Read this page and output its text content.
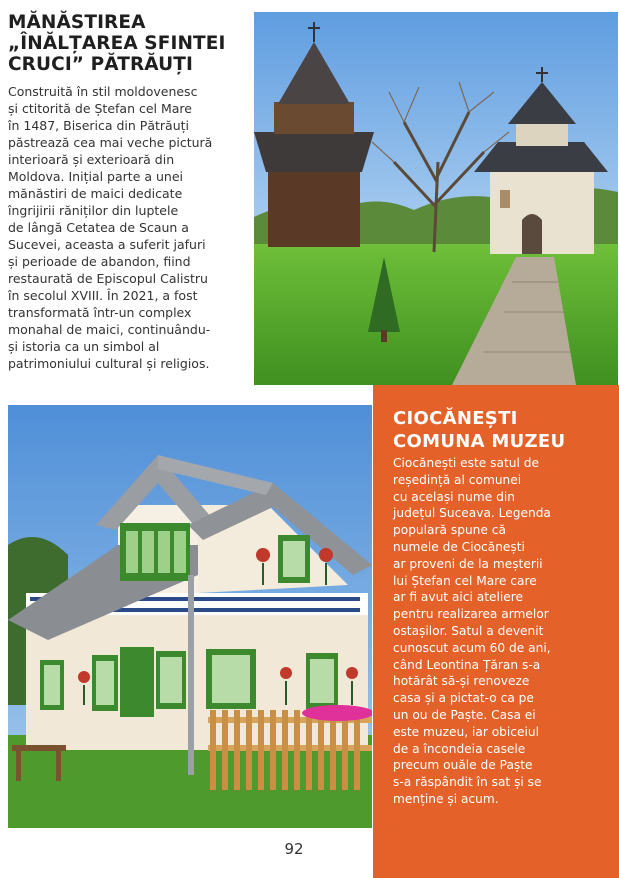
MĂNĂSTIREA
„ÎNĂLȚAREA SFINTEI
CRUCI” PĂTRĂUȚI
Construită în stil moldovenesc
și ctitorită de Ștefan cel Mare
în 1487, Biserica din Pătrăuți
păstrează cea mai veche pictură
interioară și exterioară din
Moldova. Inițial parte a unei
mănăstiri de maici dedicate
îngrijirii răniților din luptele
de lângă Cetatea de Scaun a
Sucevei, aceasta a suferit jafuri
și perioade de abandon, fiind
restaurată de Episcopul Calistru
în secolul XVIII. În 2021, a fost
transformată într-un complex
monahal de maici, continuându-
și istoria ca un simbol al
patrimoniului cultural și religios.
CIOCĂNEȘTI
COMUNA MUZEU
Ciocănești este satul de
reședință al comunei
cu același nume din
județul Suceava. Legenda
populară spune că
numele de Ciocănești
ar proveni de la meșterii
lui Ștefan cel Mare care
ar fi avut aici ateliere
pentru realizarea armelor
ostașilor. Satul a devenit
cunoscut acum 60 de ani,
când Leontina Țăran s-a
hotărât să-și renoveze
casa și a pictat-o ca pe
un ou de Paște. Casa ei
este muzeu, iar obiceiul
de a încondeia casele
precum ouăle de Paște
s-a răspândit în sat și se
menține și acum.
92
